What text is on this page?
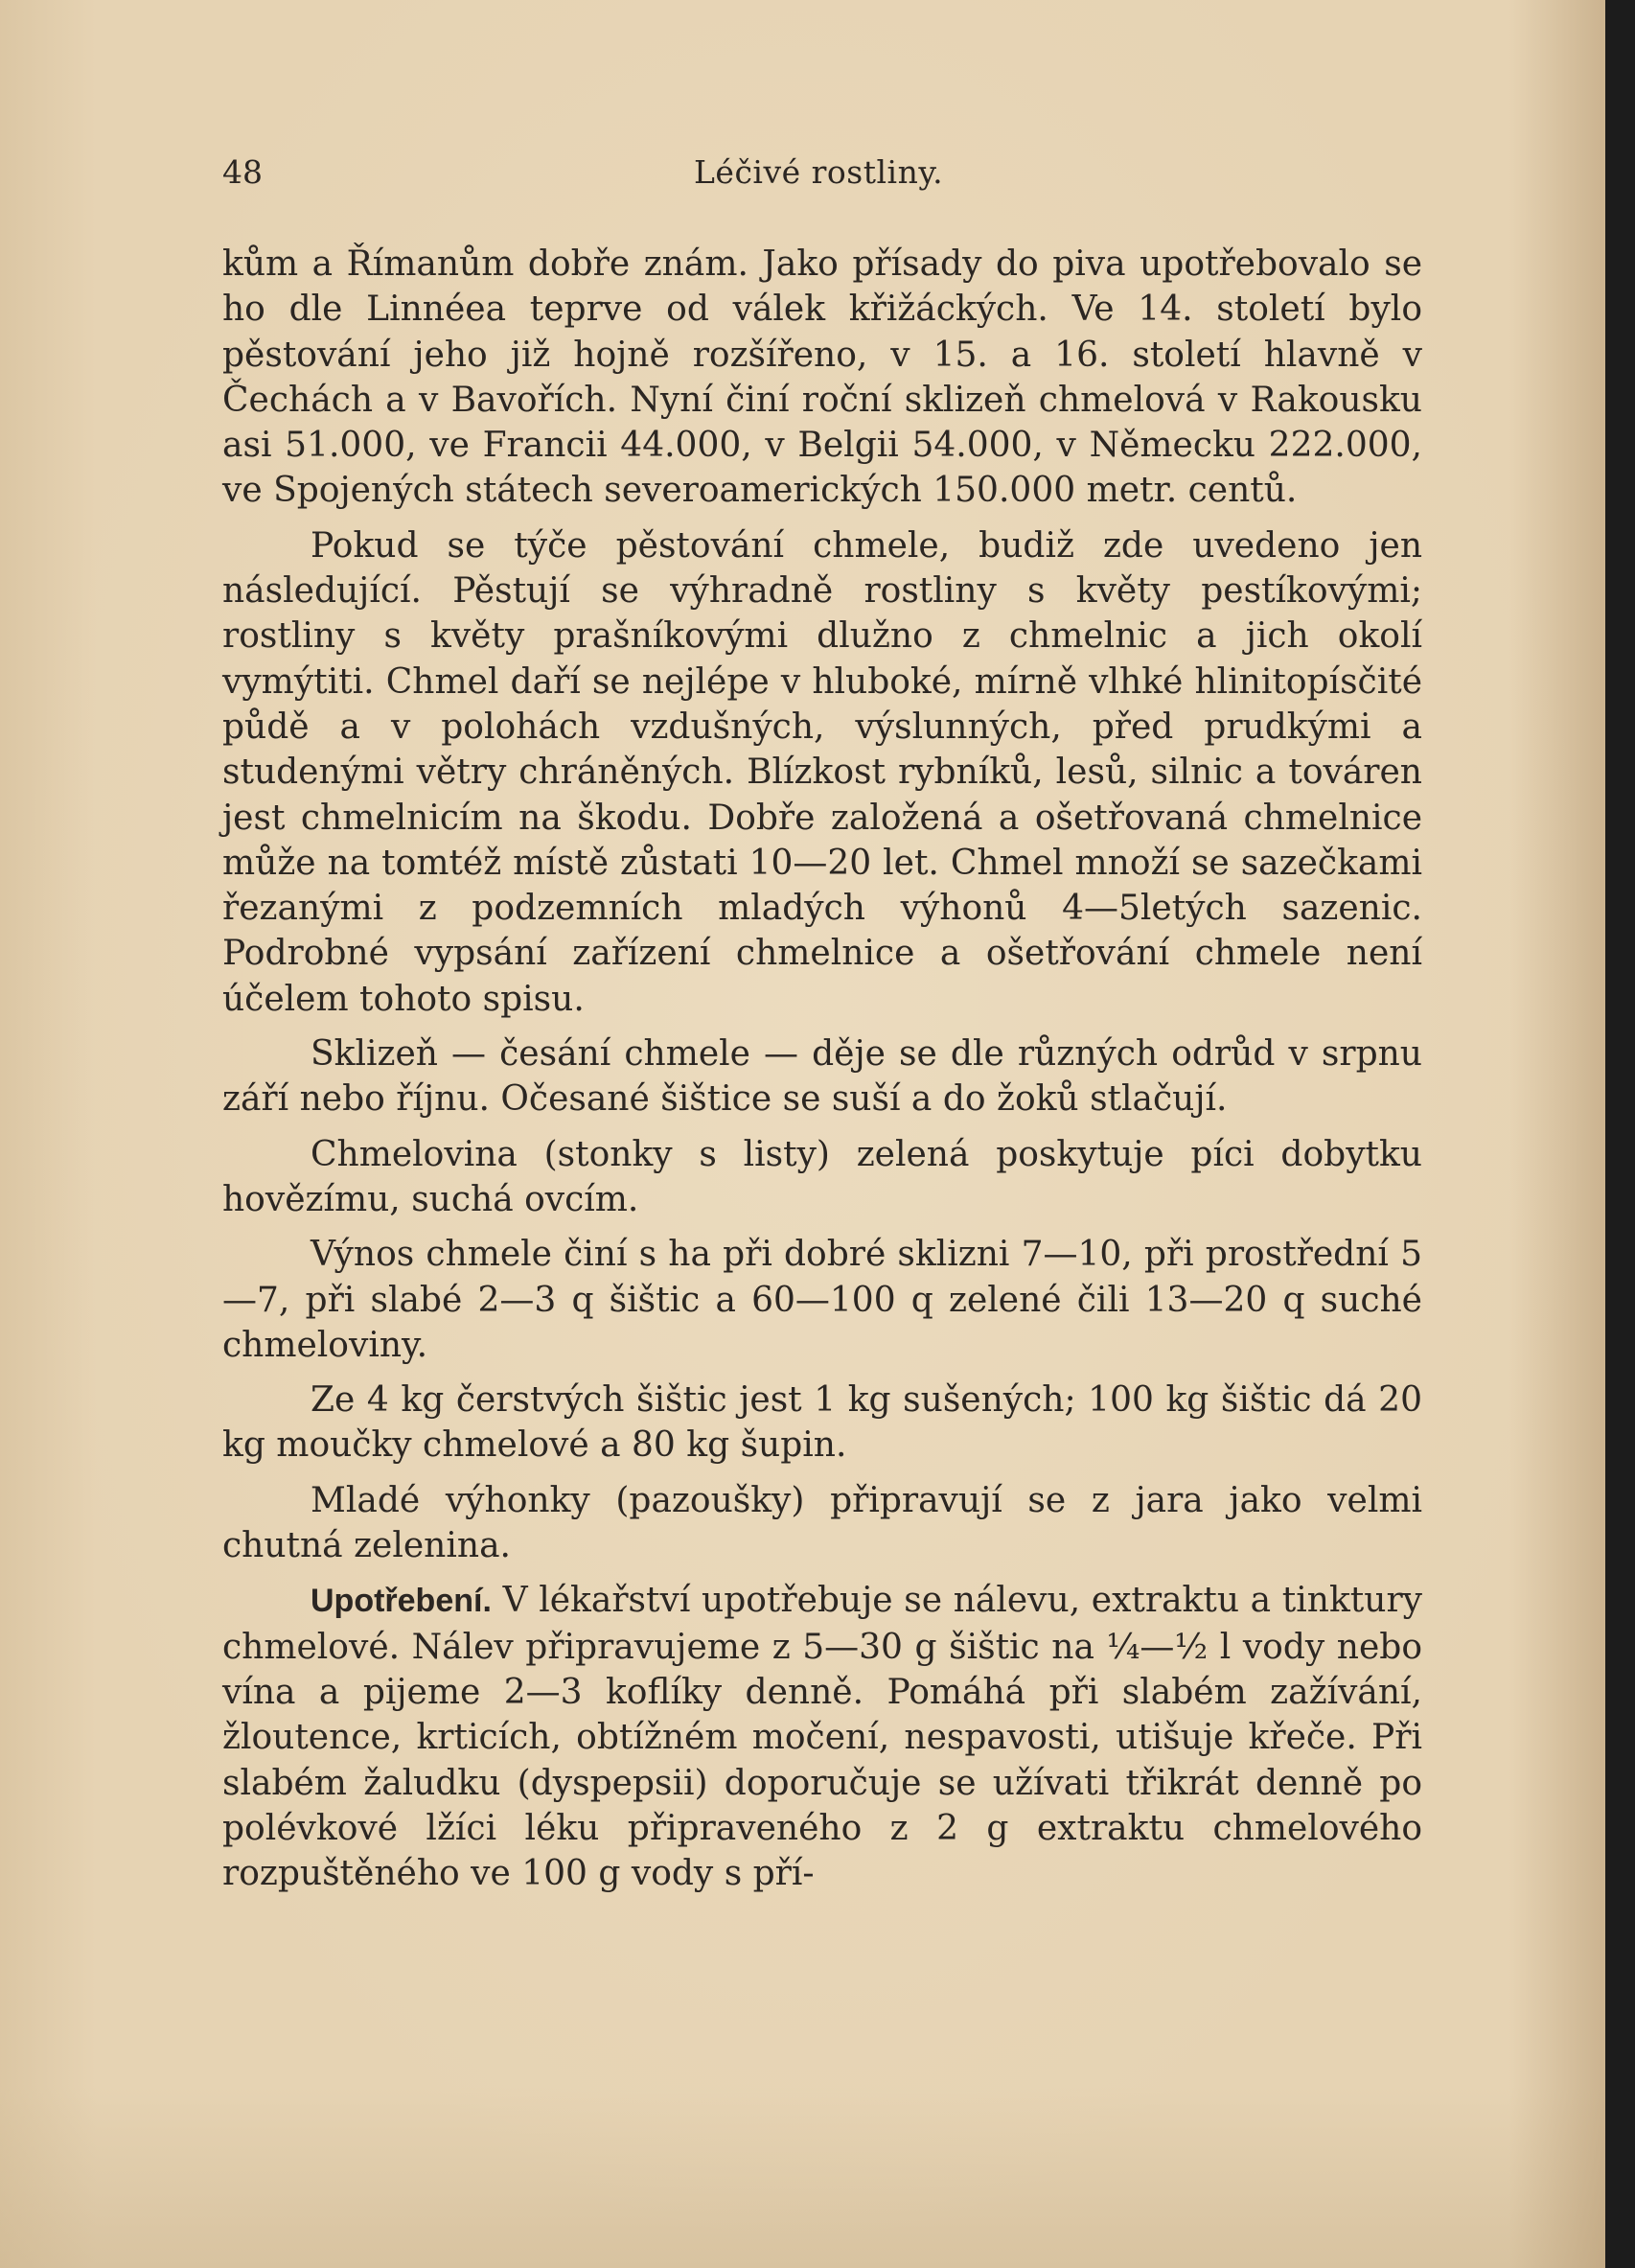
48	Léčivé rostliny.

kům a Římanům dobře znám. Jako přísady do piva upotřebovalo se ho dle Linnéea teprve od válek křižáckých. Ve 14. století bylo pěstování jeho již hojně rozšířeno, v 15. a 16. století hlavně v Čechách a v Bavořích. Nyní činí roční sklizeň chmelová v Rakousku asi 51.000, ve Francii 44.000, v Belgii 54.000, v Německu 222.000, ve Spojených státech severoamerických 150.000 metr. centů.

Pokud se týče pěstování chmele, budiž zde uvedeno jen následující. Pěstují se výhradně rostliny s květy pestíkovými; rostliny s květy prašníkovými dlužno z chmelnic a jich okolí vymýtiti. Chmel daří se nejlépe v hluboké, mírně vlhké hlinitopísčité půdě a v polohách vzdušných, výslunných, před prudkými a studenými větry chráněných. Blízkost rybníků, lesů, silnic a továren jest chmelnicím na škodu. Dobře založená a ošetřovaná chmelnice může na tomtéž místě zůstati 10—20 let. Chmel množí se sazečkami řezanými z podzemních mladých výhonů 4—5letých sazenic. Podrobné vypsání zařízení chmelnice a ošetřování chmele není účelem tohoto spisu.

Sklizeň — česání chmele — děje se dle různých odrůd v srpnu září nebo říjnu. Očesané šištice se suší a do žoků stlačují.

Chmelovina (stonky s listy) zelená poskytuje píci dobytku hovězímu, suchá ovcím.

Výnos chmele činí s ha při dobré sklizni 7—10, při prostřední 5—7, při slabé 2—3 q šištic a 60—100 q zelené čili 13—20 q suché chmeloviny.

Ze 4 kg čerstvých šištic jest 1 kg sušených; 100 kg šištic dá 20 kg moučky chmelové a 80 kg šupin.

Mladé výhonky (pazoušky) připravují se z jara jako velmi chutná zelenina.

Upotřebení. V lékařství upotřebuje se nálevu, extraktu a tinktury chmelové. Nálev připravujeme z 5—30 g šištic na ¼—½ l vody nebo vína a pijeme 2—3 koflíky denně. Pomáhá při slabém zažívání, žloutence, krticích, obtížném močení, nespavosti, utišuje křeče. Při slabém žaludku (dyspepsii) doporučuje se užívati třikrát denně po polévkové lžíci léku připraveného z 2 g extraktu chmelového rozpuštěného ve 100 g vody s pří-
